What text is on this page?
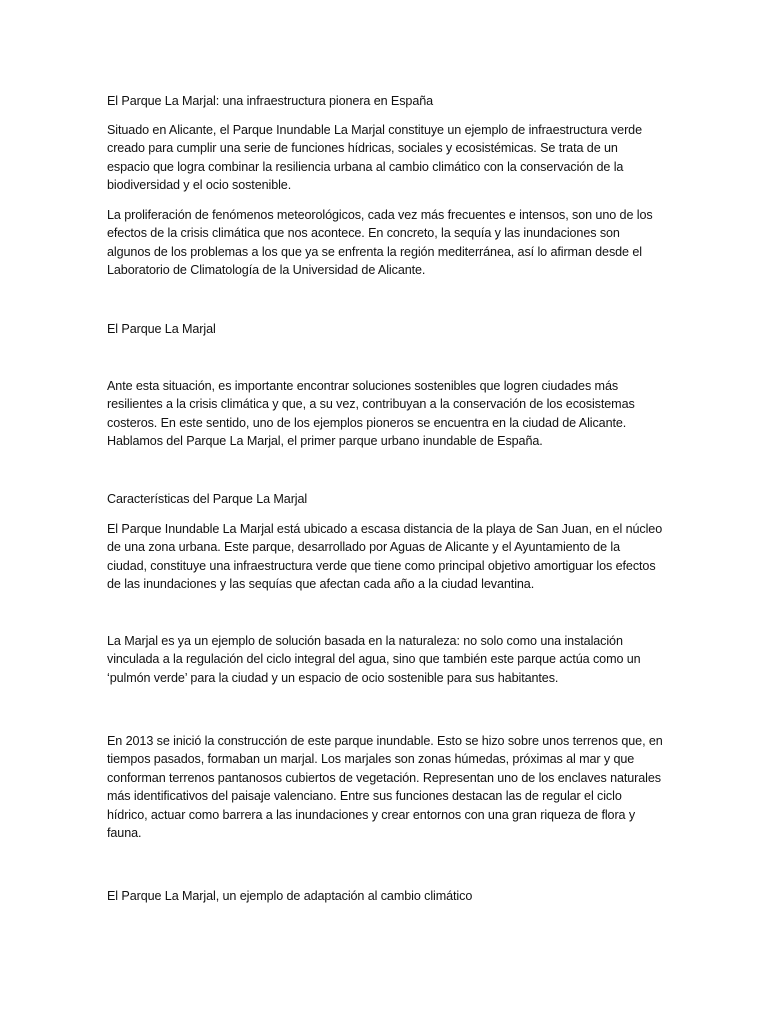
El Parque La Marjal: una infraestructura pionera en España

Situado en Alicante, el Parque Inundable La Marjal constituye un ejemplo de infraestructura verde creado para cumplir una serie de funciones hídricas, sociales y ecosistémicas. Se trata de un espacio que logra combinar la resiliencia urbana al cambio climático con la conservación de la biodiversidad y el ocio sostenible.

La proliferación de fenómenos meteorológicos, cada vez más frecuentes e intensos, son uno de los efectos de la crisis climática que nos acontece. En concreto, la sequía y las inundaciones son algunos de los problemas a los que ya se enfrenta la región mediterránea, así lo afirman desde el Laboratorio de Climatología de la Universidad de Alicante.

El Parque La Marjal

Ante esta situación, es importante encontrar soluciones sostenibles que logren ciudades más resilientes a la crisis climática y que, a su vez, contribuyan a la conservación de los ecosistemas costeros. En este sentido, uno de los ejemplos pioneros se encuentra en la ciudad de Alicante. Hablamos del Parque La Marjal, el primer parque urbano inundable de España.

Características del Parque La Marjal

El Parque Inundable La Marjal está ubicado a escasa distancia de la playa de San Juan, en el núcleo de una zona urbana. Este parque, desarrollado por Aguas de Alicante y el Ayuntamiento de la ciudad, constituye una infraestructura verde que tiene como principal objetivo amortiguar los efectos de las inundaciones y las sequías que afectan cada año a la ciudad levantina.

La Marjal es ya un ejemplo de solución basada en la naturaleza: no solo como una instalación vinculada a la regulación del ciclo integral del agua, sino que también este parque actúa como un ‘pulmón verde’ para la ciudad y un espacio de ocio sostenible para sus habitantes.

En 2013 se inició la construcción de este parque inundable. Esto se hizo sobre unos terrenos que, en tiempos pasados, formaban un marjal. Los marjales son zonas húmedas, próximas al mar y que conforman terrenos pantanosos cubiertos de vegetación. Representan uno de los enclaves naturales más identificativos del paisaje valenciano. Entre sus funciones destacan las de regular el ciclo hídrico, actuar como barrera a las inundaciones y crear entornos con una gran riqueza de flora y fauna.

El Parque La Marjal, un ejemplo de adaptación al cambio climático
